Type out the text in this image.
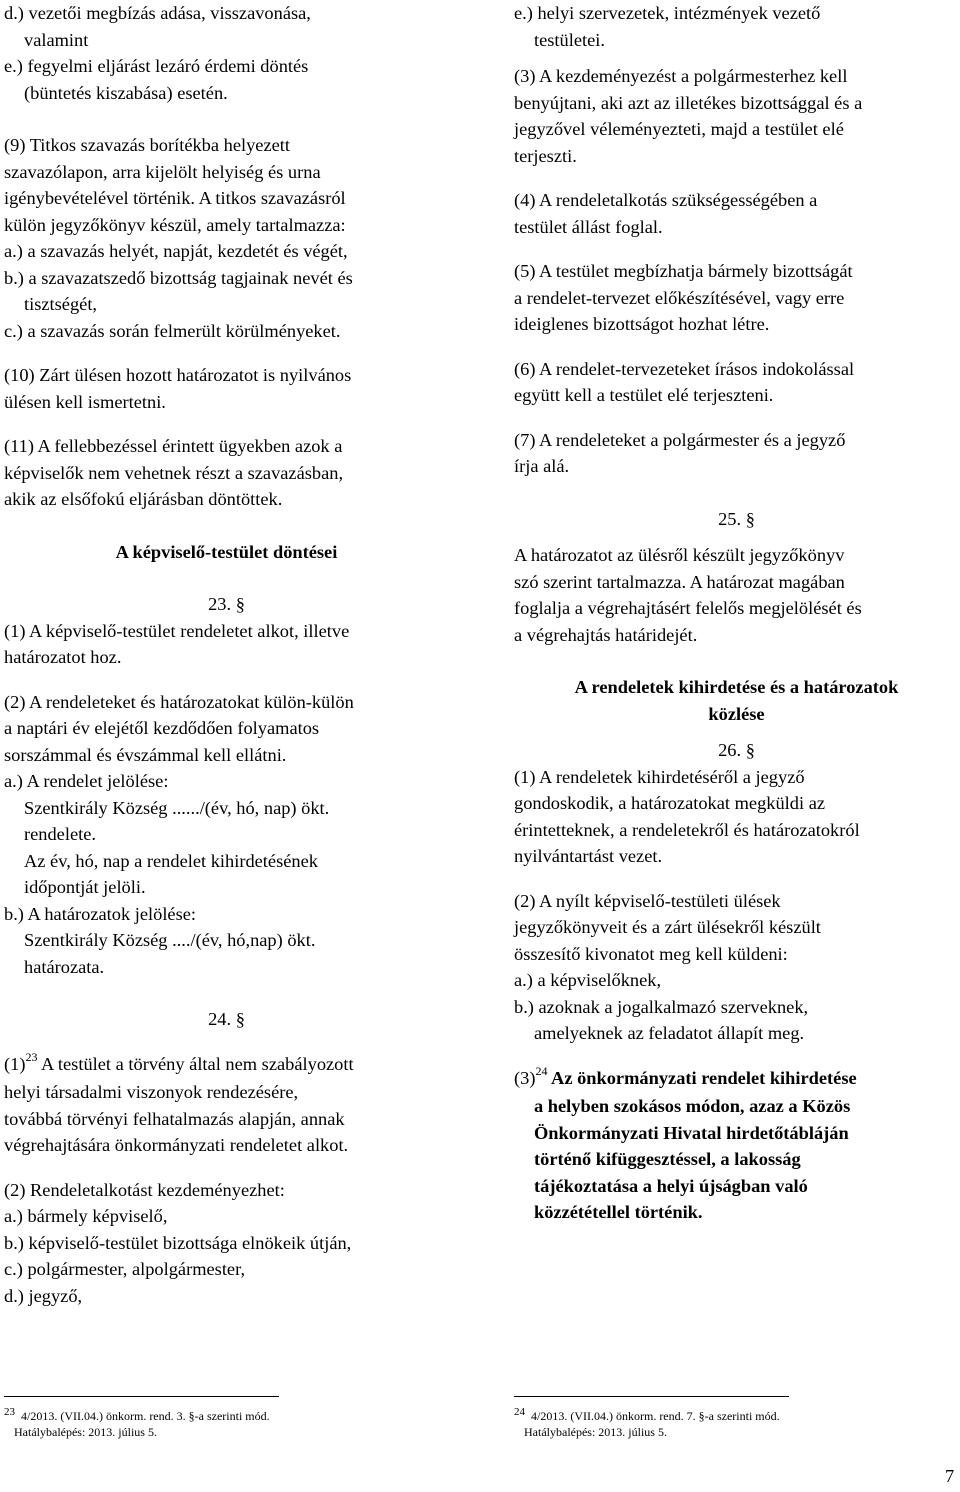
d.) vezetői megbízás adása, visszavonása,
valamint
e.) fegyelmi eljárást lezáró érdemi döntés
(büntetés kiszabása) esetén.
(9) Titkos szavazás borítékba helyezett
szavazólapon, arra kijelölt helyiség és urna
igénybevételével történik. A titkos szavazásról
külön jegyzőkönyv készül, amely tartalmazza:
a.) a szavazás helyét, napját, kezdetét és végét,
b.) a szavazatszedő bizottság tagjainak nevét és
tisztségét,
c.) a szavazás során felmerült körülményeket.
(10) Zárt ülésen hozott határozatot is nyilvános
ülésen kell ismertetni.
(11) A fellebbezéssel érintett ügyekben azok a
képviselők nem vehetnek részt a szavazásban,
akik az elsőfokú eljárásban döntöttek.
A képviselő-testület döntései
23. §
(1) A képviselő-testület rendeletet alkot, illetve
határozatot hoz.
(2) A rendeleteket és határozatokat külön-külön
a naptári év elejétől kezdődően folyamatos
sorszámmal és évszámmal kell ellátni.
a.) A rendelet jelölése:
Szentkirály Község ....../(év, hó, nap) ökt.
rendelete.
Az év, hó, nap a rendelet kihirdetésének
időpontját jelöli.
b.) A határozatok jelölése:
Szentkirály Község ..../(év, hó,nap) ökt.
határozata.
24. §
$(1)^{23}$ A testület a törvény által nem szabályozott
helyi társadalmi viszonyok rendezésére,
továbbá törvényi felhatalmazás alapján, annak
végrehajtására önkormányzati rendeletet alkot.
(2) Rendeletalkotást kezdeményezhet:
a.) bármely képviselő,
b.) képviselő-testület bizottsága elnökeik útján,
c.) polgármester, alpolgármester,
d.) jegyző,
e.) helyi szervezetek, intézmények vezető
testületei.
(3) A kezdeményezést a polgármesterhez kell
benyújtani, aki azt az illetékes bizottsággal és a
jegyzővel véleményezteti, majd a testület elé
terjeszti.
(4) A rendeletalkotás szükségességében a
testület állást foglal.
(5) A testület megbízhatja bármely bizottságát
a rendelet-tervezet előkészítésével, vagy erre
ideiglenes bizottságot hozhat létre.
(6) A rendelet-tervezeteket írásos indokolással
együtt kell a testület elé terjeszteni.
(7) A rendeleteket a polgármester és a jegyző
írja alá.
25. §
A határozatot az ülésről készült jegyzőkönyv
szó szerint tartalmazza. A határozat magában
foglalja a végrehajtásért felelős megjelölését és
a végrehajtás határidejét.
A rendeletek kihirdetése és a határozatok
közlése
26. §
(1) A rendeletek kihirdetéséről a jegyző
gondoskodik, a határozatokat megküldi az
érintetteknek, a rendeletekről és határozatokról
nyilvántartást vezet.
(2) A nyílt képviselő-testületi ülések
jegyzőkönyveit és a zárt ülésekről készült
összesítő kivonatot meg kell küldeni:
a.) a képviselőknek,
b.) azoknak a jogalkalmazó szerveknek,
amelyeknek az feladatot állapít meg.
$(3)^{24}$ Az önkormányzati rendelet kihirdetése
a helyben szokásos módon, azaz a Közös
Önkormányzati Hivatal hirdetőtábláján
történő kifüggesztéssel, a lakosság
tájékoztatása a helyi újságban való
közzététellel történik.
23 4/2013. (VII.04.) önkorm. rend. 3. §-a szerinti mód.
Hatálybalépés: 2013. július 5.
24 4/2013. (VII.04.) önkorm. rend. 7. §-a szerinti mód.
Hatálybalépés: 2013. július 5.
7
